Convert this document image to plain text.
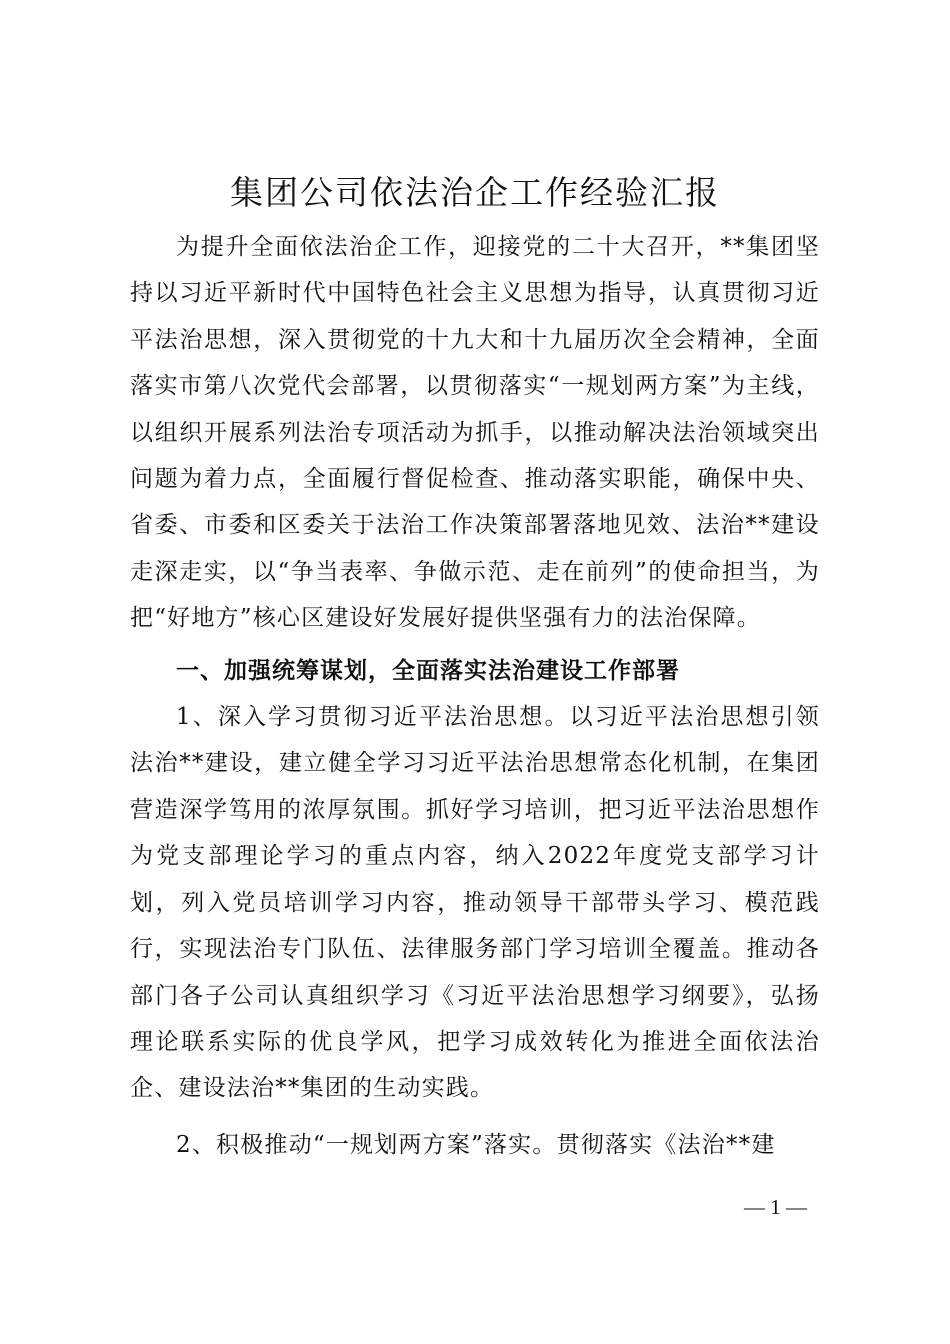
集团公司依法治企工作经验汇报

为提升全面依法治企工作，迎接党的二十大召开，**集团坚持以习近平新时代中国特色社会主义思想为指导，认真贯彻习近平法治思想，深入贯彻党的十九大和十九届历次全会精神，全面落实市第八次党代会部署，以贯彻落实“一规划两方案”为主线，以组织开展系列法治专项活动为抓手，以推动解决法治领域突出问题为着力点，全面履行督促检查、推动落实职能，确保中央、省委、市委和区委关于法治工作决策部署落地见效、法治**建设走深走实，以“争当表率、争做示范、走在前列”的使命担当，为把“好地方”核心区建设好发展好提供坚强有力的法治保障。

一、加强统筹谋划，全面落实法治建设工作部署

1、深入学习贯彻习近平法治思想。以习近平法治思想引领法治**建设，建立健全学习习近平法治思想常态化机制，在集团营造深学笃用的浓厚氛围。抓好学习培训，把习近平法治思想作为党支部理论学习的重点内容，纳入2022年度党支部学习计划，列入党员培训学习内容，推动领导干部带头学习、模范践行，实现法治专门队伍、法律服务部门学习培训全覆盖。推动各部门各子公司认真组织学习《习近平法治思想学习纲要》，弘扬理论联系实际的优良学风，把学习成效转化为推进全面依法治企、建设法治**集团的生动实践。

2、积极推动“一规划两方案”落实。贯彻落实《法治**建

— 1 —
